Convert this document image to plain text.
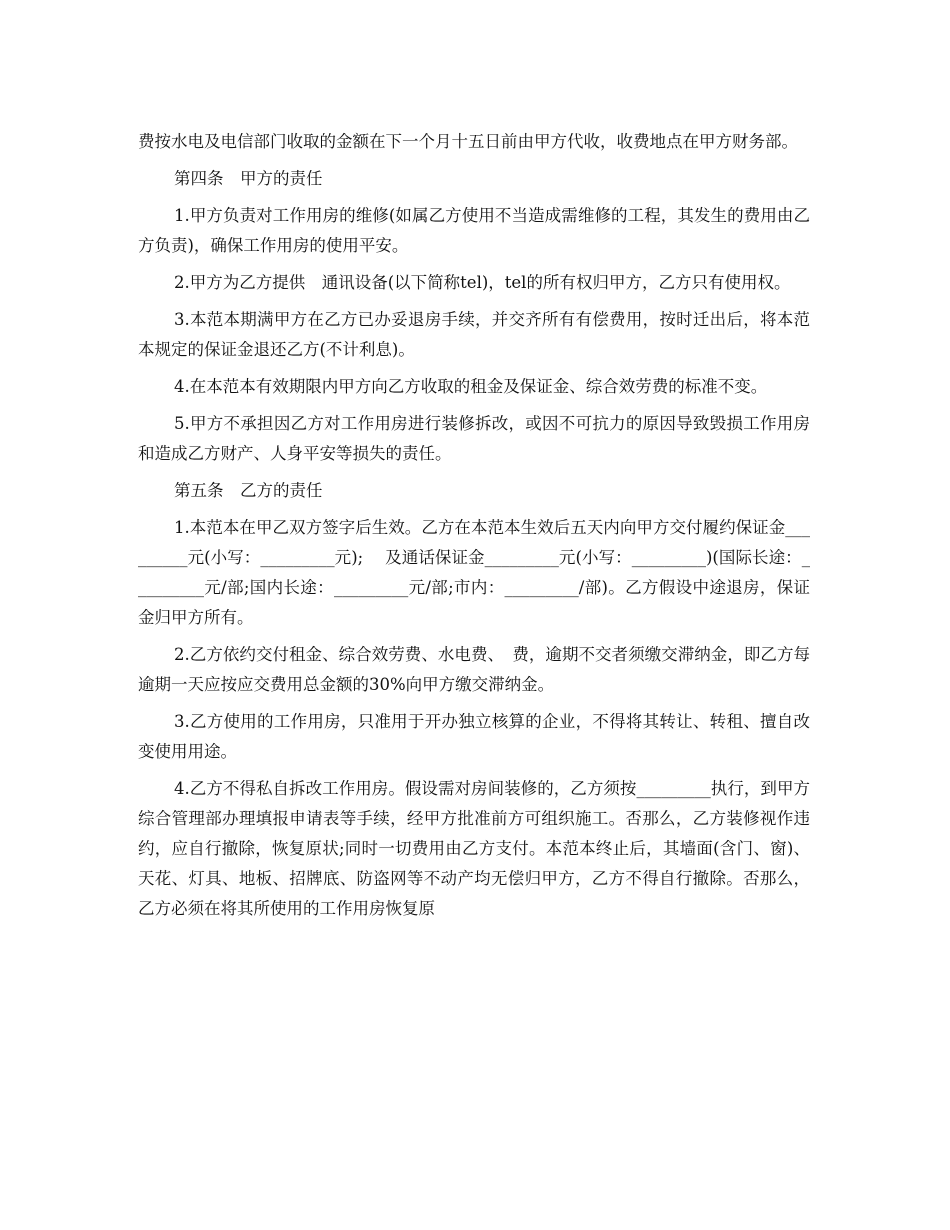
费按水电及电信部门收取的金额在下一个月十五日前由甲方代收，收费地点在甲方财务部。

第四条　甲方的责任

1.甲方负责对工作用房的维修(如属乙方使用不当造成需维修的工程，其发生的费用由乙方负责)，确保工作用房的使用平安。

2.甲方为乙方提供　通讯设备(以下简称tel)，tel的所有权归甲方，乙方只有使用权。

3.本范本期满甲方在乙方已办妥退房手续，并交齐所有有偿费用，按时迁出后，将本范本规定的保证金退还乙方(不计利息)。

4.在本范本有效期限内甲方向乙方收取的租金及保证金、综合效劳费的标准不变。

5.甲方不承担因乙方对工作用房进行装修拆改，或因不可抗力的原因导致毁损工作用房和造成乙方财产、人身平安等损失的责任。

第五条　乙方的责任

1.本范本在甲乙双方签字后生效。乙方在本范本生效后五天内向甲方交付履约保证金_________元(小写：_________元);　 及通话保证金_________元(小写：_________)(国际长途：_________元/部;国内长途：_________元/部;市内：_________/部)。乙方假设中途退房，保证金归甲方所有。

2.乙方依约交付租金、综合效劳费、水电费、　费，逾期不交者须缴交滞纳金，即乙方每逾期一天应按应交费用总金额的30%向甲方缴交滞纳金。

3.乙方使用的工作用房，只准用于开办独立核算的企业，不得将其转让、转租、擅自改变使用用途。

4.乙方不得私自拆改工作用房。假设需对房间装修的，乙方须按_________执行，到甲方综合管理部办理填报申请表等手续，经甲方批准前方可组织施工。否那么，乙方装修视作违约，应自行撤除，恢复原状;同时一切费用由乙方支付。本范本终止后，其墙面(含门、窗)、天花、灯具、地板、招牌底、防盗网等不动产均无偿归甲方，乙方不得自行撤除。否那么，乙方必须在将其所使用的工作用房恢复原
